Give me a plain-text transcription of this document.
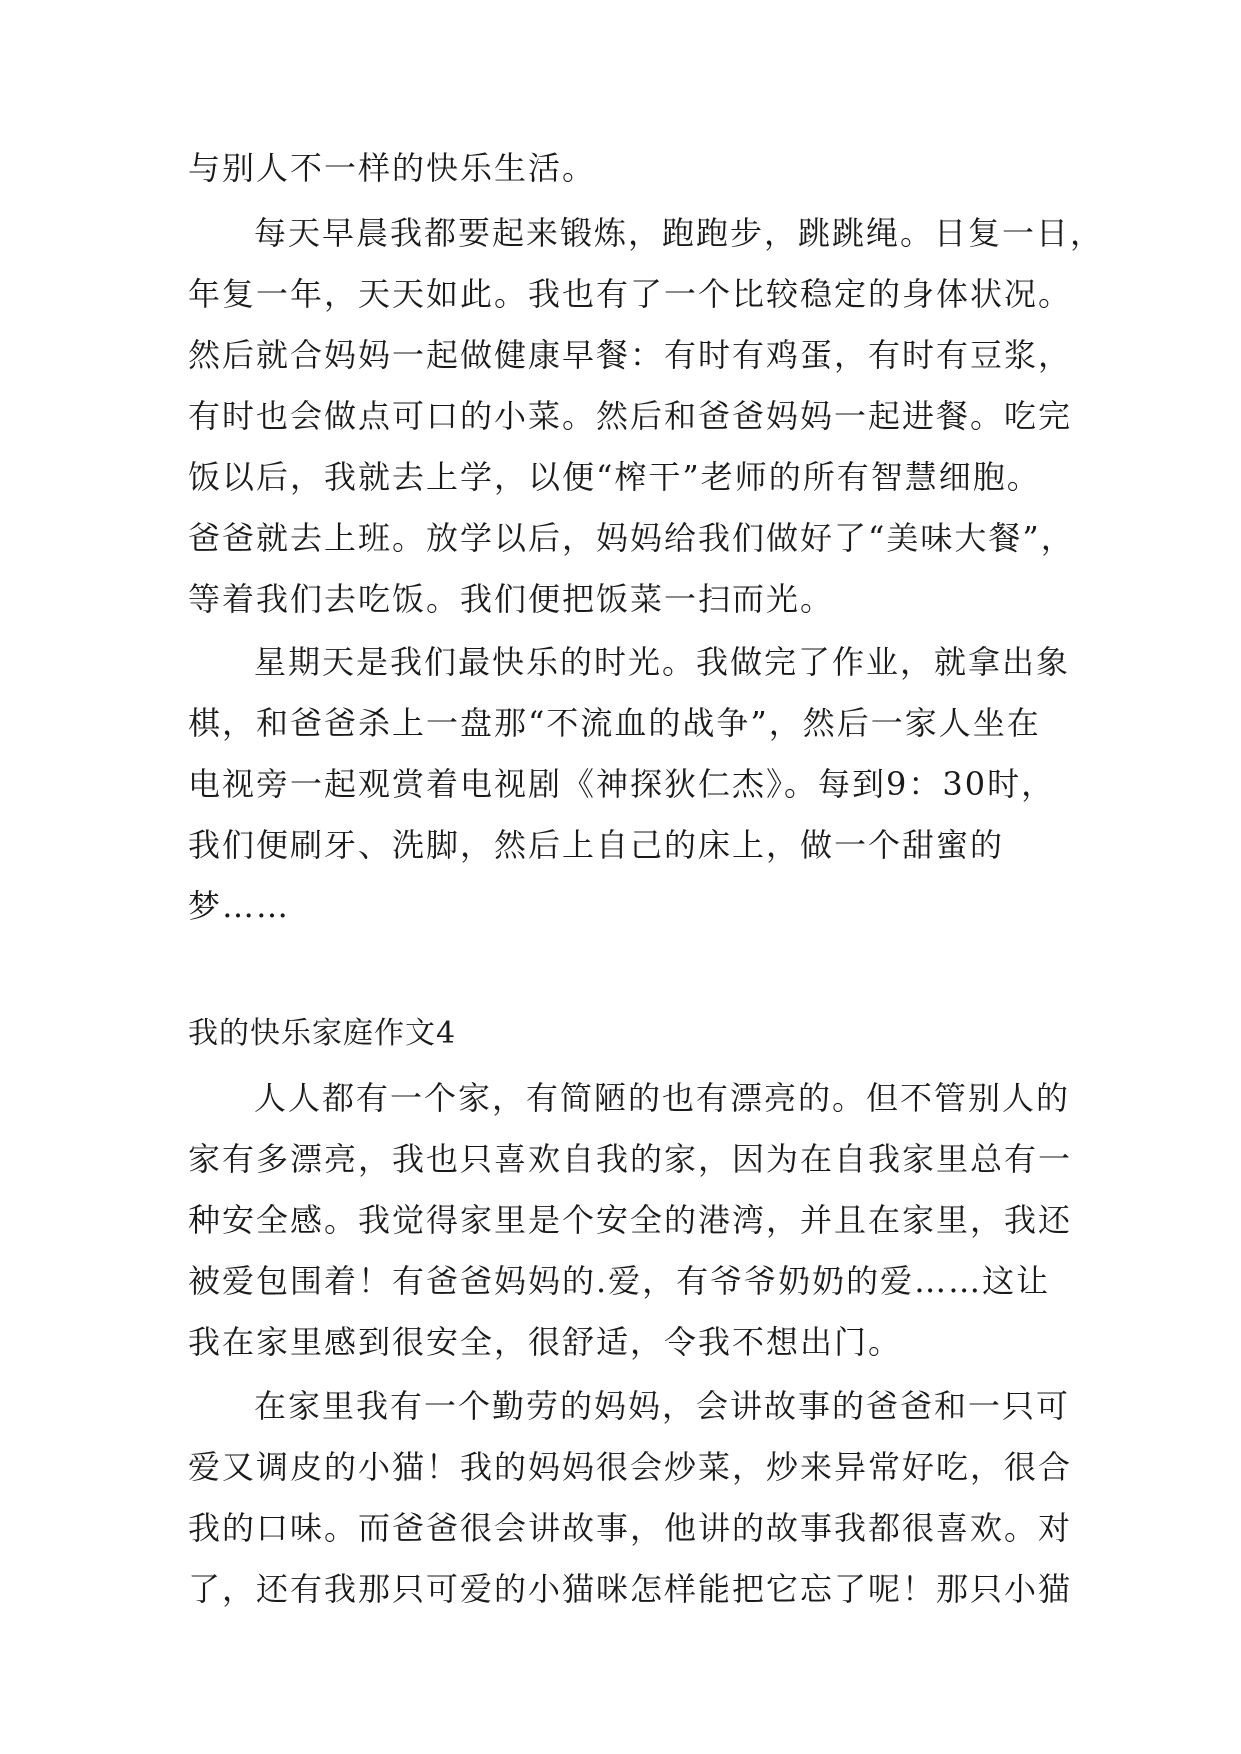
与别人不一样的快乐生活。
每天早晨我都要起来锻炼，跑跑步，跳跳绳。日复一日，
年复一年，天天如此。我也有了一个比较稳定的身体状况。
然后就合妈妈一起做健康早餐：有时有鸡蛋，有时有豆浆，
有时也会做点可口的小菜。然后和爸爸妈妈一起进餐。吃完
饭以后，我就去上学，以便“榨干”老师的所有智慧细胞。
爸爸就去上班。放学以后，妈妈给我们做好了“美味大餐”，
等着我们去吃饭。我们便把饭菜一扫而光。
星期天是我们最快乐的时光。我做完了作业，就拿出象
棋，和爸爸杀上一盘那“不流血的战争”，然后一家人坐在
电视旁一起观赏着电视剧《神探狄仁杰》。每到9：30时，
我们便刷牙、洗脚，然后上自己的床上，做一个甜蜜的
梦……
我的快乐家庭作文4
人人都有一个家，有简陋的也有漂亮的。但不管别人的
家有多漂亮，我也只喜欢自我的家，因为在自我家里总有一
种安全感。我觉得家里是个安全的港湾，并且在家里，我还
被爱包围着！有爸爸妈妈的.爱，有爷爷奶奶的爱……这让
我在家里感到很安全，很舒适，令我不想出门。
在家里我有一个勤劳的妈妈，会讲故事的爸爸和一只可
爱又调皮的小猫！我的妈妈很会炒菜，炒来异常好吃，很合
我的口味。而爸爸很会讲故事，他讲的故事我都很喜欢。对
了，还有我那只可爱的小猫咪怎样能把它忘了呢！那只小猫
